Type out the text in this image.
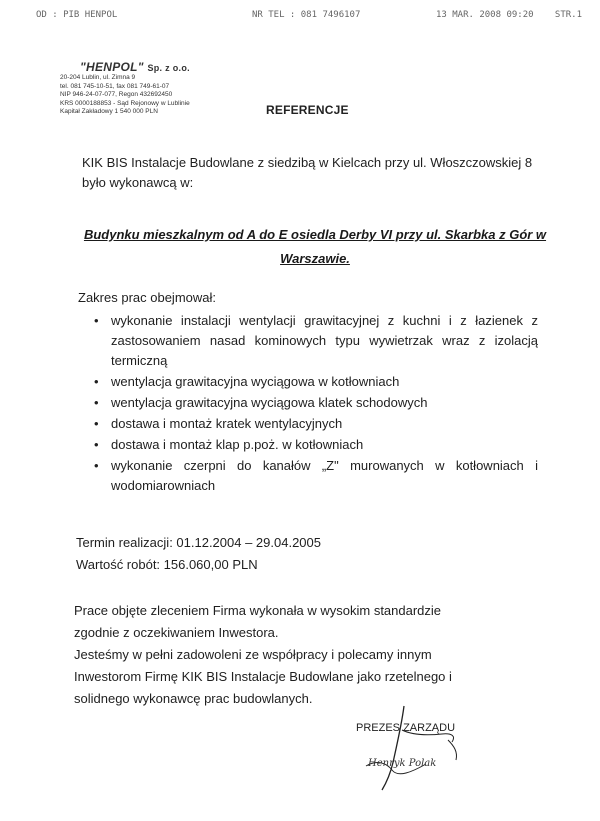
OD : PIB HENPOL	NR TEL : 081 7496107	13 MAR. 2008 09:20 STR.1
"HENPOL" Sp. z o.o.
20-204 Lublin, ul. Zimna 9
tel. 081 745-10-51, fax 081 749-61-07
NIP 946-24-07-077, Regon 432692450
KRS 0000188853 - Sąd Rejonowy w Lublinie
Kapitał Zakładowy 1 540 000 PLN	REFERENCJE
KIK BIS Instalacje Budowlane z siedzibą w Kielcach przy ul. Włoszczowskiej 8 było wykonawcą w:
Budynku mieszkalnym od A do E osiedla Derby VI przy ul. Skarbka z Gór w Warszawie.
Zakres prac obejmował:
• wykonanie instalacji wentylacji grawitacyjnej z kuchni i z łazienek z zastosowaniem nasad kominowych typu wywietrzak wraz z izolacją termiczną
• wentylacja grawitacyjna wyciągowa w kotłowniach
• wentylacja grawitacyjna wyciągowa klatek schodowych
• dostawa i montaż kratek wentylacyjnych
• dostawa i montaż klap p.poż. w kotłowniach
• wykonanie czerpni do kanałów „Z" murowanych w kotłowniach i wodomiarowniach
Termin realizacji: 01.12.2004 – 29.04.2005
Wartość robót: 156.060,00 PLN
Prace objęte zleceniem Firma wykonała w wysokim standardzie
zgodnie z oczekiwaniem Inwestora.
Jesteśmy w pełni zadowoleni ze współpracy i polecamy innym
Inwestorom Firmę KIK BIS Instalacje Budowlane jako rzetelnego i
solidnego wykonawcę prac budowlanych.
PREZES ZARZĄDU
Henryk Polak
